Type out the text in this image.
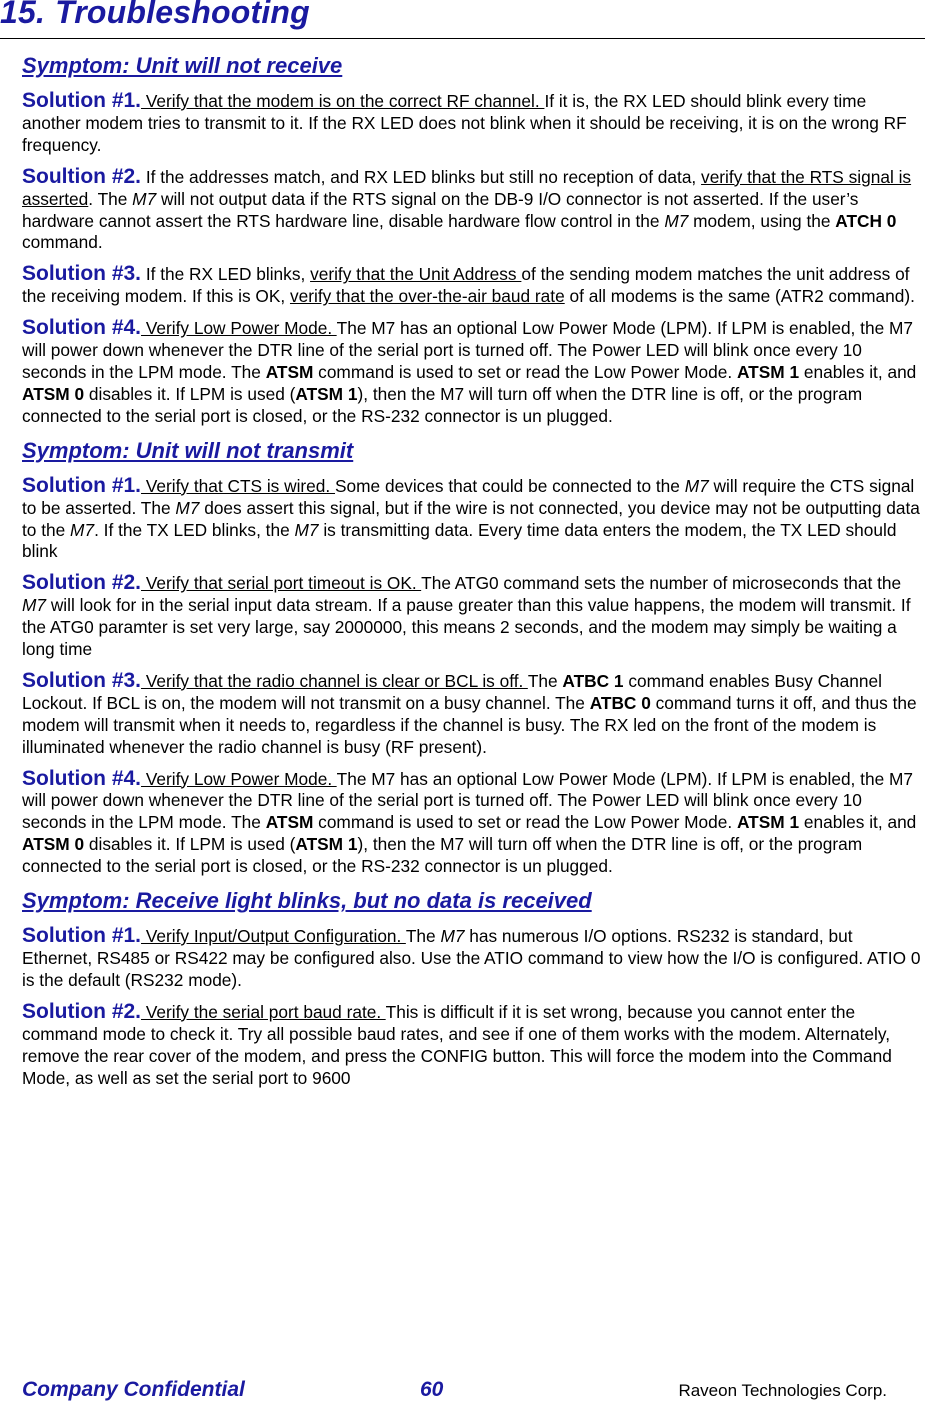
15. Troubleshooting
Symptom: Unit will not receive

Solution #1. Verify that the modem is on the correct RF channel. If it is, the RX LED should blink every time another modem tries to transmit to it. If the RX LED does not blink when it should be receiving, it is on the wrong RF frequency.

Soultion #2. If the addresses match, and RX LED blinks but still no reception of data, verify that the RTS signal is asserted. The M7 will not output data if the RTS signal on the DB-9 I/O connector is not asserted. If the user’s hardware cannot assert the RTS hardware line, disable hardware flow control in the M7 modem, using the ATCH 0 command.

Solution #3. If the RX LED blinks, verify that the Unit Address of the sending modem matches the unit address of the receiving modem. If this is OK, verify that the over-the-air baud rate of all modems is the same (ATR2 command).

Solution #4. Verify Low Power Mode. The M7 has an optional Low Power Mode (LPM). If LPM is enabled, the M7 will power down whenever the DTR line of the serial port is turned off. The Power LED will blink once every 10 seconds in the LPM mode. The ATSM command is used to set or read the Low Power Mode. ATSM 1 enables it, and ATSM 0 disables it. If LPM is used (ATSM 1), then the M7 will turn off when the DTR line is off, or the program connected to the serial port is closed, or the RS-232 connector is un plugged.

Symptom: Unit will not transmit

Solution #1. Verify that CTS is wired. Some devices that could be connected to the M7 will require the CTS signal to be asserted. The M7 does assert this signal, but if the wire is not connected, you device may not be outputting data to the M7. If the TX LED blinks, the M7 is transmitting data. Every time data enters the modem, the TX LED should blink

Solution #2. Verify that serial port timeout is OK. The ATG0 command sets the number of microseconds that the M7 will look for in the serial input data stream. If a pause greater than this value happens, the modem will transmit. If the ATG0 paramter is set very large, say 2000000, this means 2 seconds, and the modem may simply be waiting a long time

Solution #3. Verify that the radio channel is clear or BCL is off. The ATBC 1 command enables Busy Channel Lockout. If BCL is on, the modem will not transmit on a busy channel. The ATBC 0 command turns it off, and thus the modem will transmit when it needs to, regardless if the channel is busy. The RX led on the front of the modem is illuminated whenever the radio channel is busy (RF present).

Solution #4. Verify Low Power Mode. The M7 has an optional Low Power Mode (LPM). If LPM is enabled, the M7 will power down whenever the DTR line of the serial port is turned off. The Power LED will blink once every 10 seconds in the LPM mode. The ATSM command is used to set or read the Low Power Mode. ATSM 1 enables it, and ATSM 0 disables it. If LPM is used (ATSM 1), then the M7 will turn off when the DTR line is off, or the program connected to the serial port is closed, or the RS-232 connector is un plugged.

Symptom: Receive light blinks, but no data is received

Solution #1. Verify Input/Output Configuration. The M7 has numerous I/O options. RS232 is standard, but Ethernet, RS485 or RS422 may be configured also. Use the ATIO command to view how the I/O is configured. ATIO 0 is the default (RS232 mode).

Solution #2. Verify the serial port baud rate. This is difficult if it is set wrong, because you cannot enter the command mode to check it. Try all possible baud rates, and see if one of them works with the modem. Alternately, remove the rear cover of the modem, and press the CONFIG button. This will force the modem into the Command Mode, as well as set the serial port to 9600

Company Confidential	60	Raveon Technologies Corp.
